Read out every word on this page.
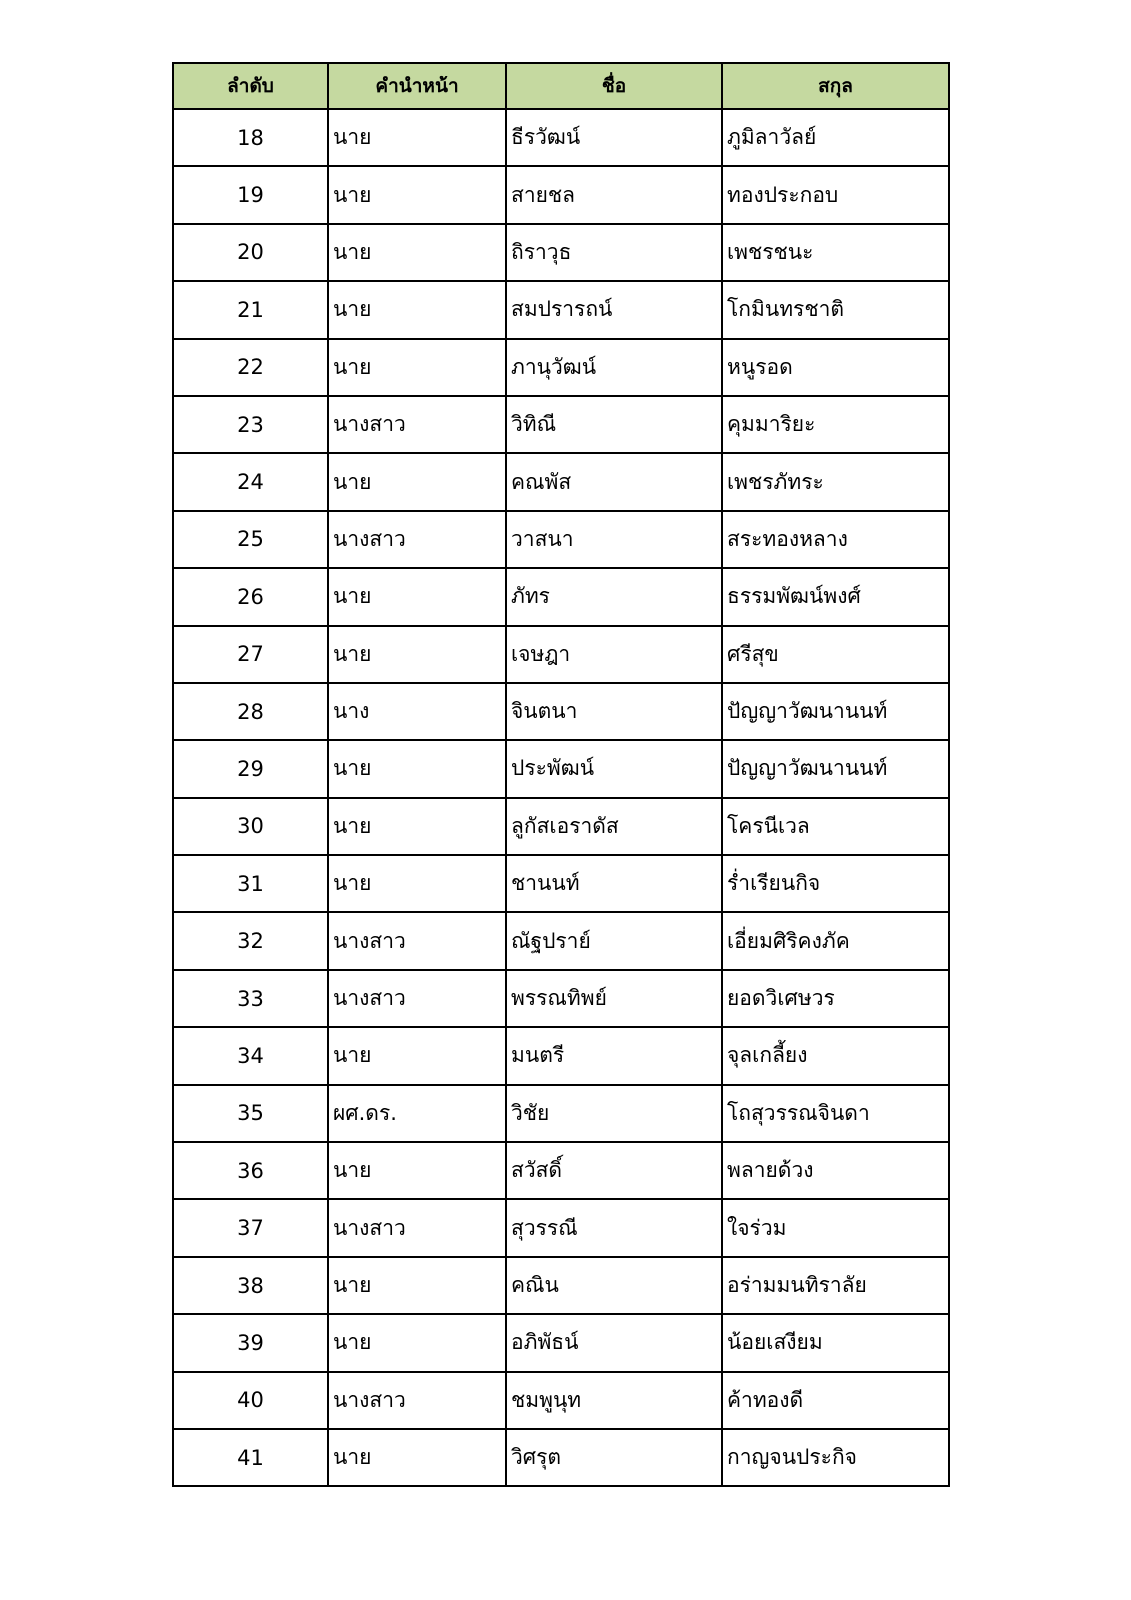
ลำดับ	คำนำหน้า	ชื่อ	สกุล
18	นาย	ธีรวัฒน์	ภูมิลาวัลย์
19	นาย	สายชล	ทองประกอบ
20	นาย	ถิราวุธ	เพชรชนะ
21	นาย	สมปรารถน์	โกมินทรชาติ
22	นาย	ภานุวัฒน์	หนูรอด
23	นางสาว	วิทิณี	คุมมาริยะ
24	นาย	คณพัส	เพชรภัทระ
25	นางสาว	วาสนา	สระทองหลาง
26	นาย	ภัทร	ธรรมพัฒน์พงศ์
27	นาย	เจษฎา	ศรีสุข
28	นาง	จินตนา	ปัญญาวัฒนานนท์
29	นาย	ประพัฒน์	ปัญญาวัฒนานนท์
30	นาย	ลูกัสเอราดัส	โครนีเวล
31	นาย	ชานนท์	ร่ำเรียนกิจ
32	นางสาว	ณัฐปราย์	เอี่ยมศิริคงภัค
33	นางสาว	พรรณทิพย์	ยอดวิเศษวร
34	นาย	มนตรี	จุลเกลี้ยง
35	ผศ.ดร.	วิชัย	โถสุวรรณจินดา
36	นาย	สวัสดิ์	พลายด้วง
37	นางสาว	สุวรรณี	ใจร่วม
38	นาย	คณิน	อร่ามมนทิราลัย
39	นาย	อภิพัธน์	น้อยเสงียม
40	นางสาว	ชมพูนุท	ค้าทองดี
41	นาย	วิศรุต	กาญจนประกิจ
